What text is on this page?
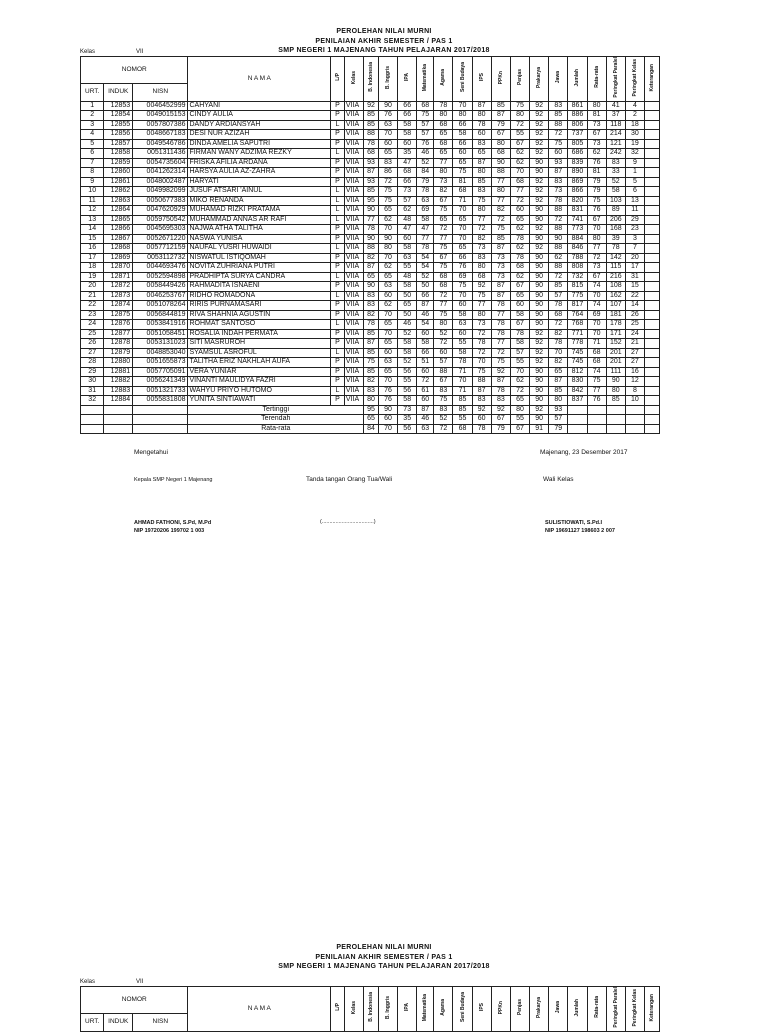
PEROLEHAN NILAI MURNI
PENILAIAN AKHIR SEMESTER / PAS 1
SMP NEGERI 1 MAJENANG TAHUN PELAJARAN 2017/2018
Kelas	VII
NOMOR			N A M A	L/P	Kelas	B. Indonesia	B. Inggris	IPA	Matematika	Agama	Seni Budaya	IPS	PPKn	Penjas	Prakarya	Jawa	Jumlah	Rata-rata	Peringkat Paralel	Peringkat Kelas	Keterangan
URT.	INDUK	NISN																			
1	12853	0046452999	CAHYANI	P	VIIA	92	90	66	68	78	70	87	85	75	92	83	861	80	41	4	
2	12854	0049015153	CINDY AULIA	P	VIIA	85	76	66	75	80	80	80	87	80	92	85	886	81	37	2	
3	12855	0057807386	DANDY ARDIANSYAH	L	VIIA	85	63	58	57	68	66	78	79	72	92	88	806	73	118	18	
4	12856	0048667183	DESI NUR AZIZAH	P	VIIA	88	70	58	57	65	58	60	67	55	92	72	737	67	214	30	
5	12857	0049546786	DINDA AMELIA SAPUTRI	P	VIIA	78	60	60	76	68	66	83	80	67	92	75	805	73	121	19	
6	12858	0051311436	FIRMAN WANY ADZIMA REZKY	L	VIIA	68	65	35	46	65	60	65	68	62	92	60	686	62	242	32	
7	12859	0054735604	FRISKA AFILIA ARDANA	P	VIIA	93	83	47	52	77	65	87	90	62	90	93	839	76	83	9	
8	12860	0041262314	HARSYA AULIA AZ-ZAHRA	P	VIIA	87	86	68	84	80	75	80	88	70	90	87	890	81	33	1	
9	12861	0048002487	HARYATI	P	VIIA	93	72	66	79	73	81	85	77	68	92	83	869	79	52	5	
10	12862	0049982099	JUSUF ATSARI 'AINUL	L	VIIA	85	75	73	78	82	68	83	80	77	92	73	866	79	58	6	
11	12863	0050677383	MIKO RENANDA	L	VIIA	95	75	57	63	67	71	75	77	72	92	78	820	75	103	13	
12	12864	0047620929	MUHAMAD RIZKI PRATAMA	L	VIIA	90	65	62	69	75	70	80	82	60	90	88	831	76	89	11	
13	12865	0059750542	MUHAMMAD ANNAS AR RAFI	L	VIIA	77	62	48	58	65	65	77	72	65	90	72	741	67	206	29	
14	12866	0045695303	NAJWA ATHA TALITHA	P	VIIA	78	70	47	47	72	70	72	75	62	92	88	773	70	168	23	
15	12867	0052671220	NASWA YUNISA	P	VIIA	90	90	60	77	77	70	82	85	78	90	90	884	80	39	3	
16	12868	0057712159	NAUFAL YUSRI HUWAIDI	L	VIIA	88	80	58	78	75	65	73	87	62	92	88	846	77	78	7	
17	12869	0053112732	NISWATUL ISTIQOMAH	P	VIIA	82	70	63	54	67	66	83	73	78	90	62	788	72	142	20	
18	12870	0044693476	NOVITA ZUHRIANA PUTRI	P	VIIA	87	62	55	54	75	76	80	73	68	90	88	808	73	115	17	
19	12871	0052594898	PRADHIPTA SURYA CANDRA	L	VIIA	65	65	48	52	68	69	68	73	62	90	72	732	67	216	31	
20	12872	0058449426	RAHMADITA ISNAENI	P	VIIA	90	63	58	50	68	75	92	87	67	90	85	815	74	108	15	
21	12873	0046253767	RIDHO ROMADONA	L	VIIA	83	60	50	66	72	70	75	87	65	90	57	775	70	162	22	
22	12874	0051078264	RIRIS PURNAMASARI	P	VIIA	83	62	65	87	77	60	77	78	60	90	78	817	74	107	14	
23	12875	0056844819	RIVA SHAHNIA AGUSTIN	P	VIIA	82	70	50	46	75	58	80	77	58	90	68	764	69	181	26	
24	12876	0053841916	ROHMAT SANTOSO	L	VIIA	78	65	46	54	80	63	73	78	67	90	72	768	70	178	25	
25	12877	0051058451	ROSALIA INDAH PERMATA	P	VIIA	85	70	52	60	52	60	72	78	78	92	82	771	70	171	24	
26	12878	0053131023	SITI MASRUROH	P	VIIA	87	65	58	58	72	55	78	77	58	92	78	778	71	152	21	
27	12879	0048853040	SYAMSUL ASROFUL	L	VIIA	85	60	58	66	60	58	72	72	57	92	70	745	68	201	27	
28	12880	0051655873	TALITHA ERIZ NAKHLAH AUFA	P	VIIA	75	63	52	51	57	78	70	75	55	92	82	745	68	201	27	
29	12881	0057705091	VERA YUNIAR	P	VIIA	85	65	56	60	88	71	75	92	70	90	65	812	74	111	16	
30	12882	0056241349	VINANTI MAULIDYA FAZRI	P	VIIA	82	70	55	72	67	70	88	87	62	90	87	830	75	90	12	
31	12883	0051321733	WAHYU PRIYO HUTOMO	L	VIIA	83	76	56	61	83	71	87	78	72	90	85	842	77	80	8	
32	12884	0055831808	YUNITA SINTIAWATI	P	VIIA	80	76	58	60	75	85	83	83	65	90	80	837	76	85	10	
			Tertinggi			95	90	73	87	83	85	92	92	80	92	93					
			Terendah			65	60	35	46	52	55	60	67	55	90	57					
			Rata-rata			84	70	56	63	72	68	78	79	67	91	79					
Mengetahui	Majenang, 23 Desember 2017
Kepala SMP Negeri 1 Majenang	Tanda tangan Orang Tua/Wali	Wali Kelas
AHMAD FATHONI, S.Pd, M.Pd
NIP 19720206 199702 1 003
(..................................)	SULISTIOWATI, S.Pd.I
NIP 19691127 198603 2 007
PEROLEHAN NILAI MURNI
PENILAIAN AKHIR SEMESTER / PAS 1
SMP NEGERI 1 MAJENANG TAHUN PELAJARAN 2017/2018
Kelas	VII
NOMOR			N A M A	L/P	Kelas	B. Indonesia	B. Inggris	IPA	Matematika	Agama	Seni Budaya	IPS	PPKn	Penjas	Prakarya	Jawa	Jumlah	Rata-rata	Peringkat Paralel	Peringkat Kelas	Keterangan
URT.	INDUK	NISN																			
